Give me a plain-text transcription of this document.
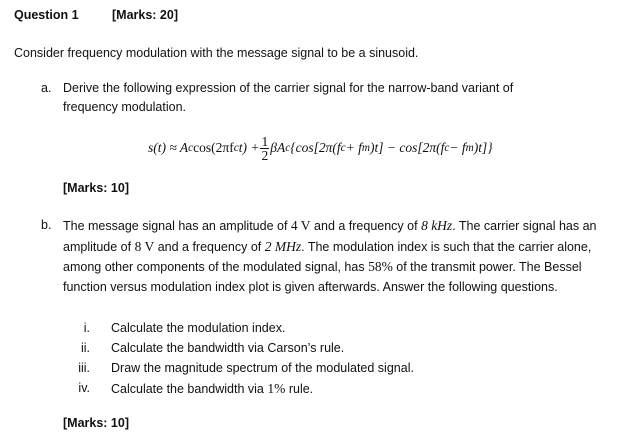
Question 1	[Marks: 20]
Consider frequency modulation with the message signal to be a sinusoid.
a. Derive the following expression of the carrier signal for the narrow-band variant of
frequency modulation.
s(t) ≈ A c cos(2πf c $t) + \frac{1}{2}$ βA c {cos[2π(f c + f m )t] − cos[2π(f c − f m )t]}
[Marks: 10]
b. The message signal has an amplitude of 4 V and a frequency of 8 kHz. The carrier signal has an amplitude of 8 V and a frequency of 2 MHz. The modulation index is such that the carrier alone, among other components of the modulated signal, has 58% of the transmit power. The Bessel function versus modulation index plot is given afterwards. Answer the following questions.
i. Calculate the modulation index.
ii. Calculate the bandwidth via Carson’s rule.
iii. Draw the magnitude spectrum of the modulated signal.
iv. Calculate the bandwidth via 1% rule.
[Marks: 10]
